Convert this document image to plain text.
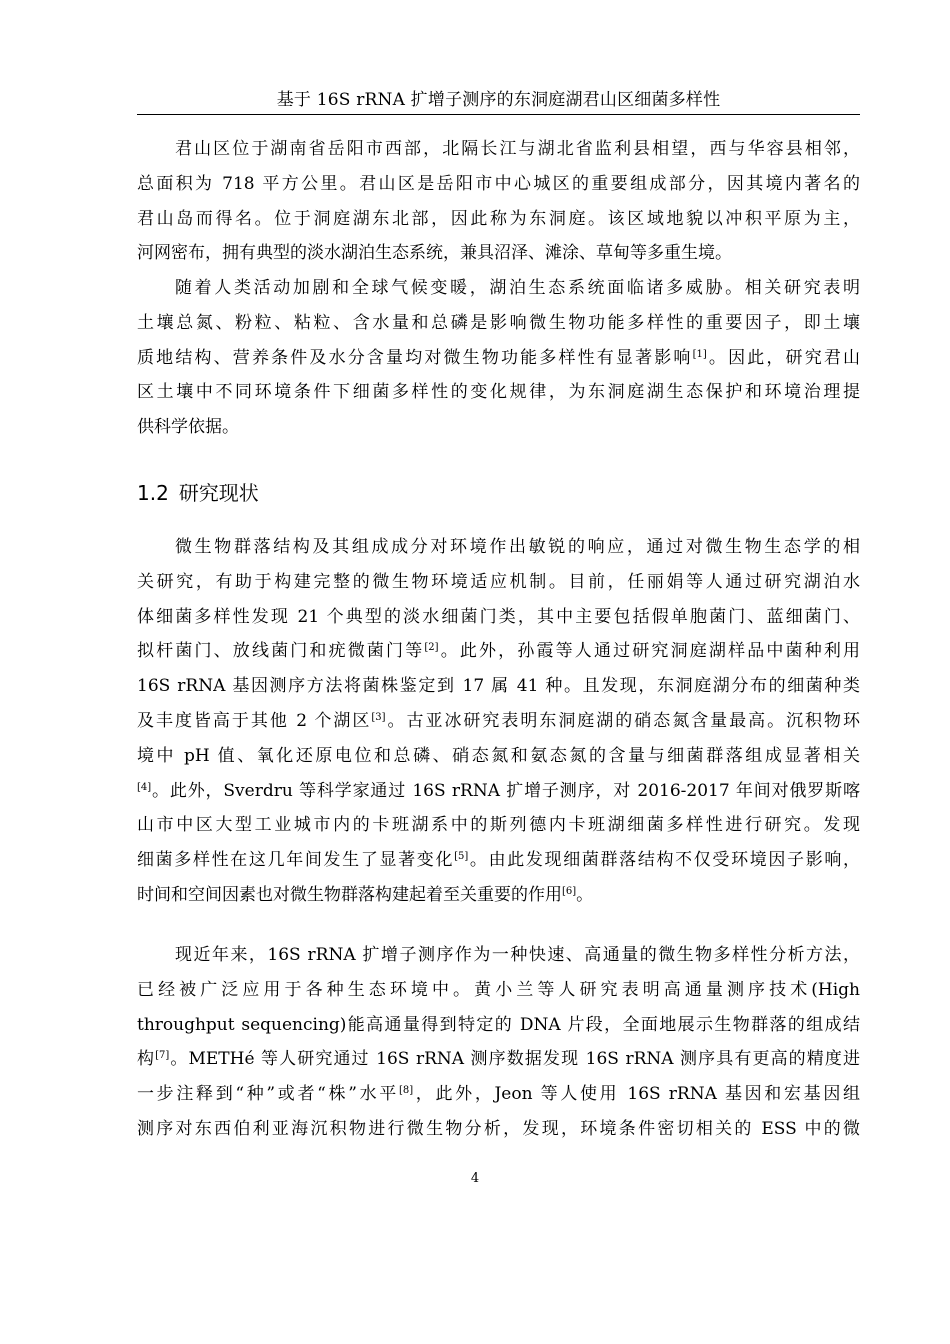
基于 16S rRNA 扩增子测序的东洞庭湖君山区细菌多样性
君山区位于湖南省岳阳市西部，北隔长江与湖北省监利县相望，西与华容县相邻，
总面积为 718 平方公里。君山区是岳阳市中心城区的重要组成部分，因其境内著名的
君山岛而得名。位于洞庭湖东北部，因此称为东洞庭。该区域地貌以冲积平原为主，
河网密布，拥有典型的淡水湖泊生态系统，兼具沼泽、滩涂、草甸等多重生境。
随着人类活动加剧和全球气候变暖，湖泊生态系统面临诸多威胁。相关研究表明
土壤总氮、粉粒、粘粒、含水量和总磷是影响微生物功能多样性的重要因子，即土壤
质地结构、营养条件及水分含量均对微生物功能多样性有显著影响[1]。因此，研究君山
区土壤中不同环境条件下细菌多样性的变化规律，为东洞庭湖生态保护和环境治理提
供科学依据。
1.2 研究现状
微生物群落结构及其组成成分对环境作出敏锐的响应，通过对微生物生态学的相
关研究，有助于构建完整的微生物环境适应机制。目前，任丽娟等人通过研究湖泊水
体细菌多样性发现 21 个典型的淡水细菌门类，其中主要包括假单胞菌门、蓝细菌门、
拟杆菌门、放线菌门和疣微菌门等[2]。此外，孙霞等人通过研究洞庭湖样品中菌种利用
16S rRNA 基因测序方法将菌株鉴定到 17 属 41 种。且发现，东洞庭湖分布的细菌种类
及丰度皆高于其他 2 个湖区[3]。古亚冰研究表明东洞庭湖的硝态氮含量最高。沉积物环
境中 pH 值、氧化还原电位和总磷、硝态氮和氨态氮的含量与细菌群落组成显著相关
[4]。此外，Sverdru 等科学家通过 16S rRNA 扩增子测序，对 2016-2017 年间对俄罗斯喀
山市中区大型工业城市内的卡班湖系中的斯列德内卡班湖细菌多样性进行研究。发现
细菌多样性在这几年间发生了显著变化[5]。由此发现细菌群落结构不仅受环境因子影响，
时间和空间因素也对微生物群落构建起着至关重要的作用[6]。
现近年来，16S rRNA 扩增子测序作为一种快速、高通量的微生物多样性分析方法，
已经被广泛应用于各种生态环境中。黄小兰等人研究表明高通量测序技术(High
throughput sequencing)能高通量得到特定的 DNA 片段，全面地展示生物群落的组成结
构[7]。METHé 等人研究通过 16S rRNA 测序数据发现 16S rRNA 测序具有更高的精度进
一步注释到“种”或者“株”水平[8]，此外，Jeon 等人使用 16S rRNA 基因和宏基因组
测序对东西伯利亚海沉积物进行微生物分析，发现，环境条件密切相关的 ESS 中的微
4
